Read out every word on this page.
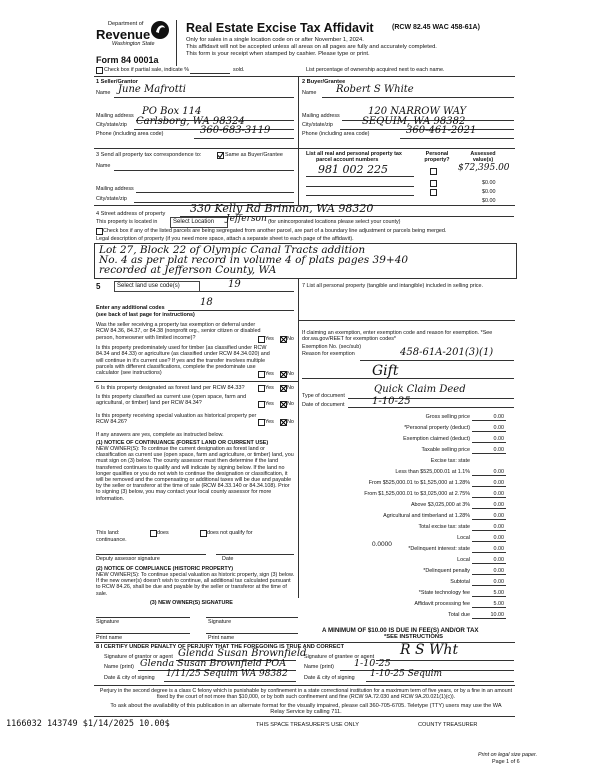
Department of
Revenue
Washington State
Form 84 0001a
Real Estate Excise Tax Affidavit	(RCW 82.45 WAC 458-61A)
Only for sales in a single location code on or after November 1, 2024.
This affidavit will not be accepted unless all areas on all pages are fully and accurately completed.
This form is your receipt when stamped by cashier. Please type or print.
Check box if partial sale, indicate %	sold.	List percentage of ownership acquired next to each name.
1 Seller/Grantor
Name June Mafrotti
Mailing address PO Box 114
City/state/zip Carlsborg, WA 98324
Phone (including area code)	360-683-3119
2 Buyer/Grantee
Name Robert S White
Mailing address	120 NARROW WAY
City/state/zip	SEQUIM, WA 98382
Phone (including area code)	360-461-2021
3 Send all property tax correspondence to:	Same as Buyer/Grantee
Name
Mailing address
City/state/zip
List all real and personal property tax
parcel account numbers
Personal property?
Assessed value(s)
981 002 225	$72,395.00
$0.00
$0.00
$0.00
4 Street address of property 330 Kelly Rd Brinnon, WA 98320
This property is located in	Select Location	Jefferson (for unincorporated locations please select your county)
Check box if any of the listed parcels are being segregated from another parcel, are part of a boundary line adjustment or parcels being merged.
Legal description of property (if you need more space, attach a separate sheet to each page of the affidavit).
Lot 27, Block 22 of Olympic Canal Tracts addition
No. 4 as per plat record in volume 4 of plats pages 39+40
recorded at Jefferson County, WA
5	Select land use code(s)	19
Enter any additional codes	18
(see back of last page for instructions)
Was the seller receiving a property tax exemption or deferral under RCW 84.36, 84.37, or 84.38 (nonprofit org., senior citizen or disabled person, homeowner with limited income)?	Yes No
Is this property predominately used for timber (as classified under RCW 84.34 and 84.33) or agriculture (as classified under RCW 84.34.020) and will continue in it's current use? If yes and the transfer involves multiple parcels with different classifications, complete the predominate use calculator (see instructions)	Yes No
6 Is this property designated as forest land per RCW 84.33?	Yes No
Is this property classified as current use (open space, farm and agricultural, or timber) land per RCW 84.34?	Yes No
Is this property receiving special valuation as historical property per RCW 84.26?	Yes No
If any answers are yes, complete as instructed below.
(1) NOTICE OF CONTINUANCE (FOREST LAND OR CURRENT USE)
NEW OWNER(S): To continue the current designation as forest land or classification as current use (open space, farm and agriculture, or timber) land, you must sign on (3) below. The county assessor must then determine if the land transferred continues to qualify and will indicate by signing below. If the land no longer qualifies or you do not wish to continue the designation or classification, it will be removed and the compensating or additional taxes will be due and payable by the seller or transferor at the time of sale (RCW 84.33.140 or 84.34.108). Prior to signing (3) below, you may contact your local county assessor for more information.
This land:	does	does not qualify for
continuance.
Deputy assessor signature	Date
(2) NOTICE OF COMPLIANCE (HISTORIC PROPERTY)
NEW OWNER(S): To continue special valuation as historic property, sign (3) below. If the new owner(s) doesn't wish to continue, all additional tax calculated pursuant to RCW 84.26, shall be due and payable by the seller or transferor at the time of sale.
(3) NEW OWNER(S) SIGNATURE
Signature	Signature
Print name	Print name
7 List all personal property (tangible and intangible) included in selling price.
If claiming an exemption, enter exemption code and reason for exemption. *See dor.wa.gov/REET for exemption codes*
Exemption No. (sec/sub)	458-61A-201(3)(1)
Reason for exemption
Gift
Type of document
Quick Claim Deed
Date of document	1-10-25
Gross selling price	0.00
*Personal property (deduct)	0.00
Exemption claimed (deduct)	0.00
Taxable selling price	0.00
Excise tax: state
Less than $525,000.01 at 1.1%	0.00
From $525,000.01 to $1,525,000 at 1.28%	0.00
From $1,525,000.01 to $3,025,000 at 2.75%	0.00
Above $3,025,000 at 3%	0.00
Agricultural and timberland at 1.28%	0.00
Total excise tax: state	0.00
Local	0.00
*Delinquent interest: state	0.00
Local	0.00
*Delinquent penalty	0.00
Subtotal	0.00
*State technology fee	5.00
Affidavit processing fee	5.00
Total due	10.00
0.0000
A MINIMUM OF $10.00 IS DUE IN FEE(S) AND/OR TAX
*SEE INSTRUCTIONS
8 I CERTIFY UNDER PENALTY OF PERJURY THAT THE FOREGOING IS TRUE AND CORRECT
Signature of grantor or agent Glenda Susan Brownfield
Signature of grantee or agent R S Wht
Name (print) Glenda Susan Brownfield POA	Name (print) 1-10-25
Date & city of signing 1/11/25 Sequim WA 98382	Date & city of signing 1-10-25 Sequim
Perjury in the second degree is a class C felony which is punishable by confinement in a state correctional institution for a maximum term of five years, or by a fine in an amount fixed by the court of not more than $10,000, or by both such confinement and fine (RCW 9A.72.030 and RCW 9A.20.021(1)(c)).
To ask about the availability of this publication in an alternate format for the visually impaired, please call 360-705-6705. Teletype (TTY) users may use the WA Relay Service by calling 711.
1166032 143749 $1/14/2025 10.00$	THIS SPACE TREASURER'S USE ONLY	COUNTY TREASURER
Print on legal size paper.
Page 1 of 6
